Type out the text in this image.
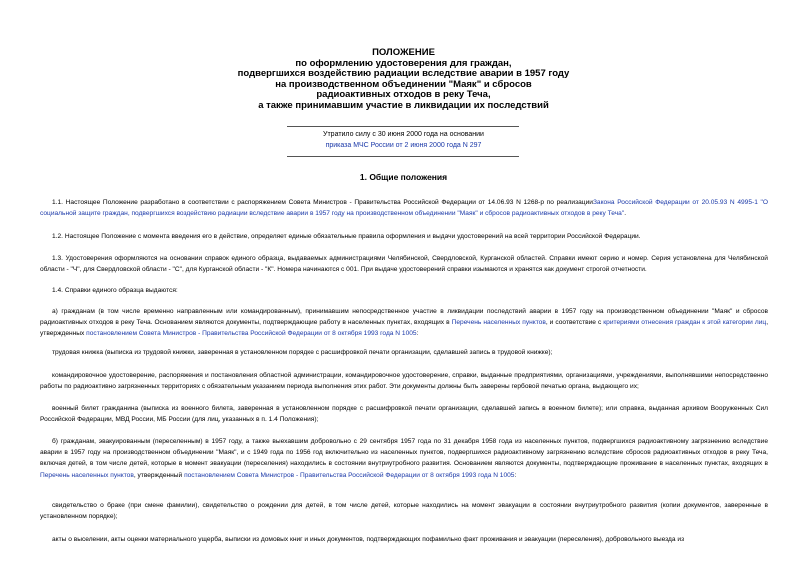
ПОЛОЖЕНИЕ
по оформлению удостоверения для граждан,
подвергшихся воздействию радиации вследствие аварии в 1957 году
на производственном объединении "Маяк" и сбросов
радиоактивных отходов в реку Теча,
а также принимавшим участие в ликвидации их последствий
Утратило силу с 30 июня 2000 года на основании
приказа МЧС России от 2 июня 2000 года N 297
1. Общие положения
1.1. Настоящее Положение разработано в соответствии с распоряжением Совета Министров - Правительства Российской Федерации от 14.06.93 N 1268-р по реализацииЗакона Российской Федерации от 20.05.93 N 4995-1 "О социальной защите граждан, подвергшихся воздействию радиации вследствие аварии в 1957 году на производственном объединении "Маяк" и сбросов радиоактивных отходов в реку Теча".
1.2. Настоящее Положение с момента введения его в действие, определяет единые обязательные правила оформления и выдачи удостоверений на всей территории Российской Федерации.
1.3. Удостоверения оформляются на основании справок единого образца, выдаваемых администрациями Челябинской, Свердловской, Курганской областей. Справки имеют серию и номер. Серия установлена для Челябинской области - "Ч", для Свердловской области - "С", для Курганской области - "К". Номера начинаются с 001. При выдаче удостоверений справки изымаются и хранятся как документ строгой отчетности.
1.4. Справки единого образца выдаются:
а) гражданам (в том числе временно направленным или командированным), принимавшим непосредственное участие в ликвидации последствий аварии в 1957 году на производственном объединении "Маяк" и сбросов радиоактивных отходов в реку Теча. Основанием являются документы, подтверждающие работу в населенных пунктах, входящих в Перечень населенных пунктов, и соответствие с критериями отнесения граждан к этой категории лиц, утвержденных постановлением Совета Министров - Правительства Российской Федерации от 8 октября 1993 года N 1005:
трудовая книжка (выписка из трудовой книжки, заверенная в установленном порядке с расшифровкой печати организации, сделавшей запись в трудовой книжке);
командировочное удостоверение, распоряжения и постановления областной администрации, командировочное удостоверение, справки, выданные предприятиями, организациями, учреждениями, выполнявшими непосредственно работы по радиоактивно загрязненных территориях с обязательным указанием периода выполнения этих работ. Эти документы должны быть заверены гербовой печатью органа, выдающего их;
военный билет гражданина (выписка из военного билета, заверенная в установленном порядке с расшифровкой печати организации, сделавшей запись в военном билете); или справка, выданная архивом Вооруженных Сил Российской Федерации, МВД России, МБ России (для лиц, указанных в п. 1.4 Положения);
б) гражданам, эвакуированным (переселенным) в 1957 году, а также выехавшим добровольно с 29 сентября 1957 года по 31 декабря 1958 года из населенных пунктов, подвергшихся радиоактивному загрязнению вследствие аварии в 1957 году на производственном объединении "Маяк", и с 1949 года по 1956 год включительно из населенных пунктов, подвергшихся радиоактивному загрязнению вследствие сбросов радиоактивных отходов в реку Теча, включая детей, в том числе детей, которые в момент эвакуации (переселения) находились в состоянии внутриутробного развития. Основанием являются документы, подтверждающие проживание в населенных пунктах, входящих в Перечень населенных пунктов, утвержденный постановлением Совета Министров - Правительства Российской Федерации от 8 октября 1993 года N 1005:
свидетельство о браке (при смене фамилии), свидетельство о рождении для детей, в том числе детей, которые находились на момент эвакуации в состоянии внутриутробного развития (копии документов, заверенные в установленном порядке);
акты о выселении, акты оценки материального ущерба, выписки из домовых книг и иных документов, подтверждающих пофамильно факт проживания и эвакуации (переселения), добровольного выезда из
